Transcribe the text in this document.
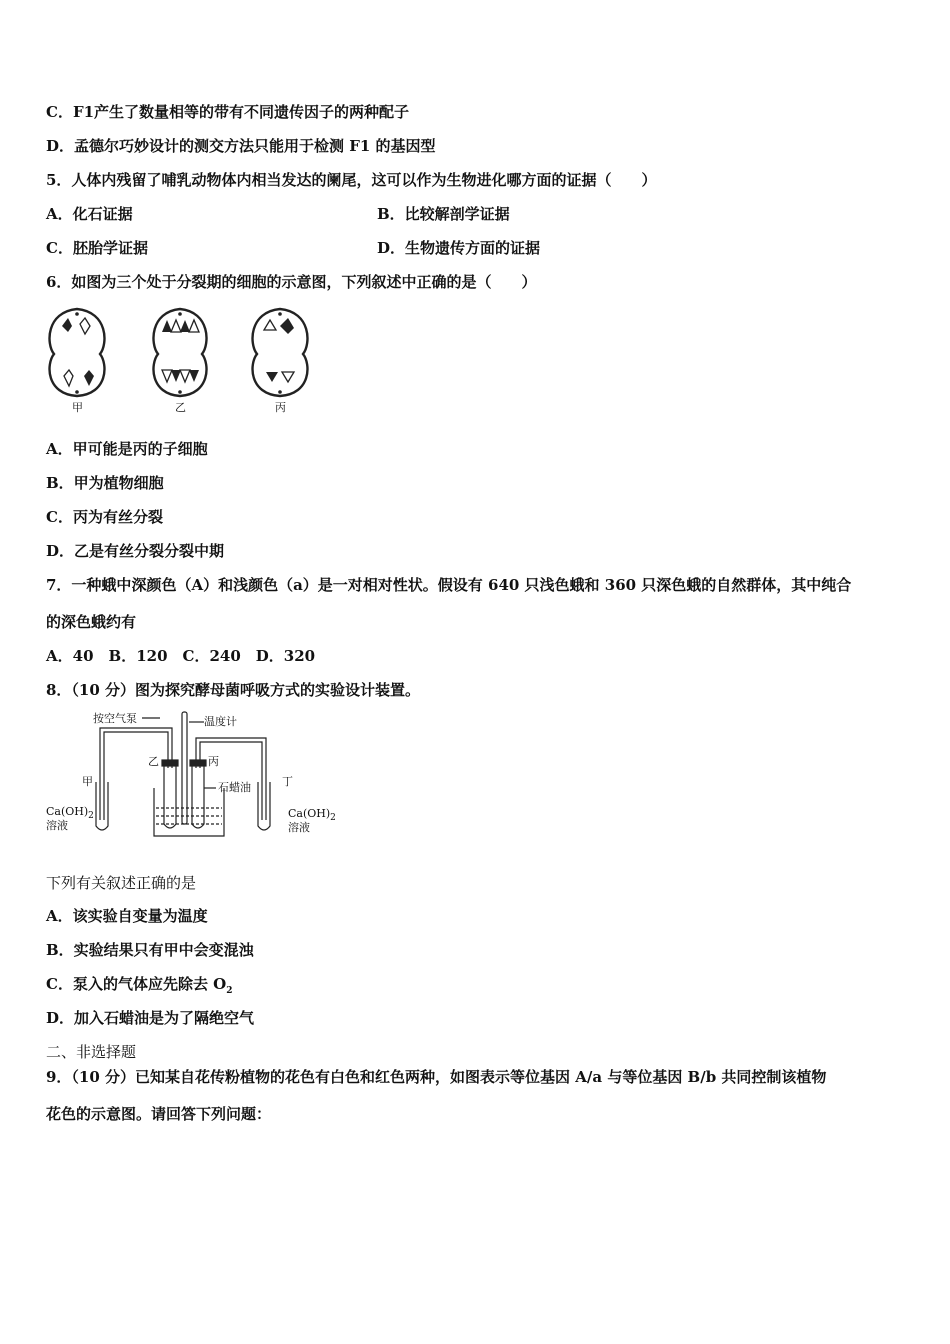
C．F1产生了数量相等的带有不同遗传因子的两种配子
D．孟德尔巧妙设计的测交方法只能用于检测 F1 的基因型
5．人体内残留了哺乳动物体内相当发达的阑尾，这可以作为生物进化哪方面的证据（　　）
A．化石证据	B．比较解剖学证据
C．胚胎学证据	D．生物遗传方面的证据
6．如图为三个处于分裂期的细胞的示意图，下列叙述中正确的是（　　）
甲	乙	丙
A．甲可能是丙的子细胞
B．甲为植物细胞
C．丙为有丝分裂
D．乙是有丝分裂分裂中期
7．一种蛾中深颜色（A）和浅颜色（a）是一对相对性状。假设有 640 只浅色蛾和 360 只深色蛾的自然群体，其中纯合
的深色蛾约有
A．40　B．120　C．240　D．320
8．（10 分）图为探究酵母菌呼吸方式的实验设计装置。
按空气泵	温度计
乙	丙
甲	丁
石蜡油
$Ca(OH)_2$
溶液
$Ca(OH)_2$
溶液
下列有关叙述正确的是
A．该实验自变量为温度
B．实验结果只有甲中会变混浊
C．泵入的气体应先除去 $O_2$
D．加入石蜡油是为了隔绝空气
二、非选择题
9．（10 分）已知某自花传粉植物的花色有白色和红色两种，如图表示等位基因 A/a 与等位基因 B/b 共同控制该植物
花色的示意图。请回答下列问题：
